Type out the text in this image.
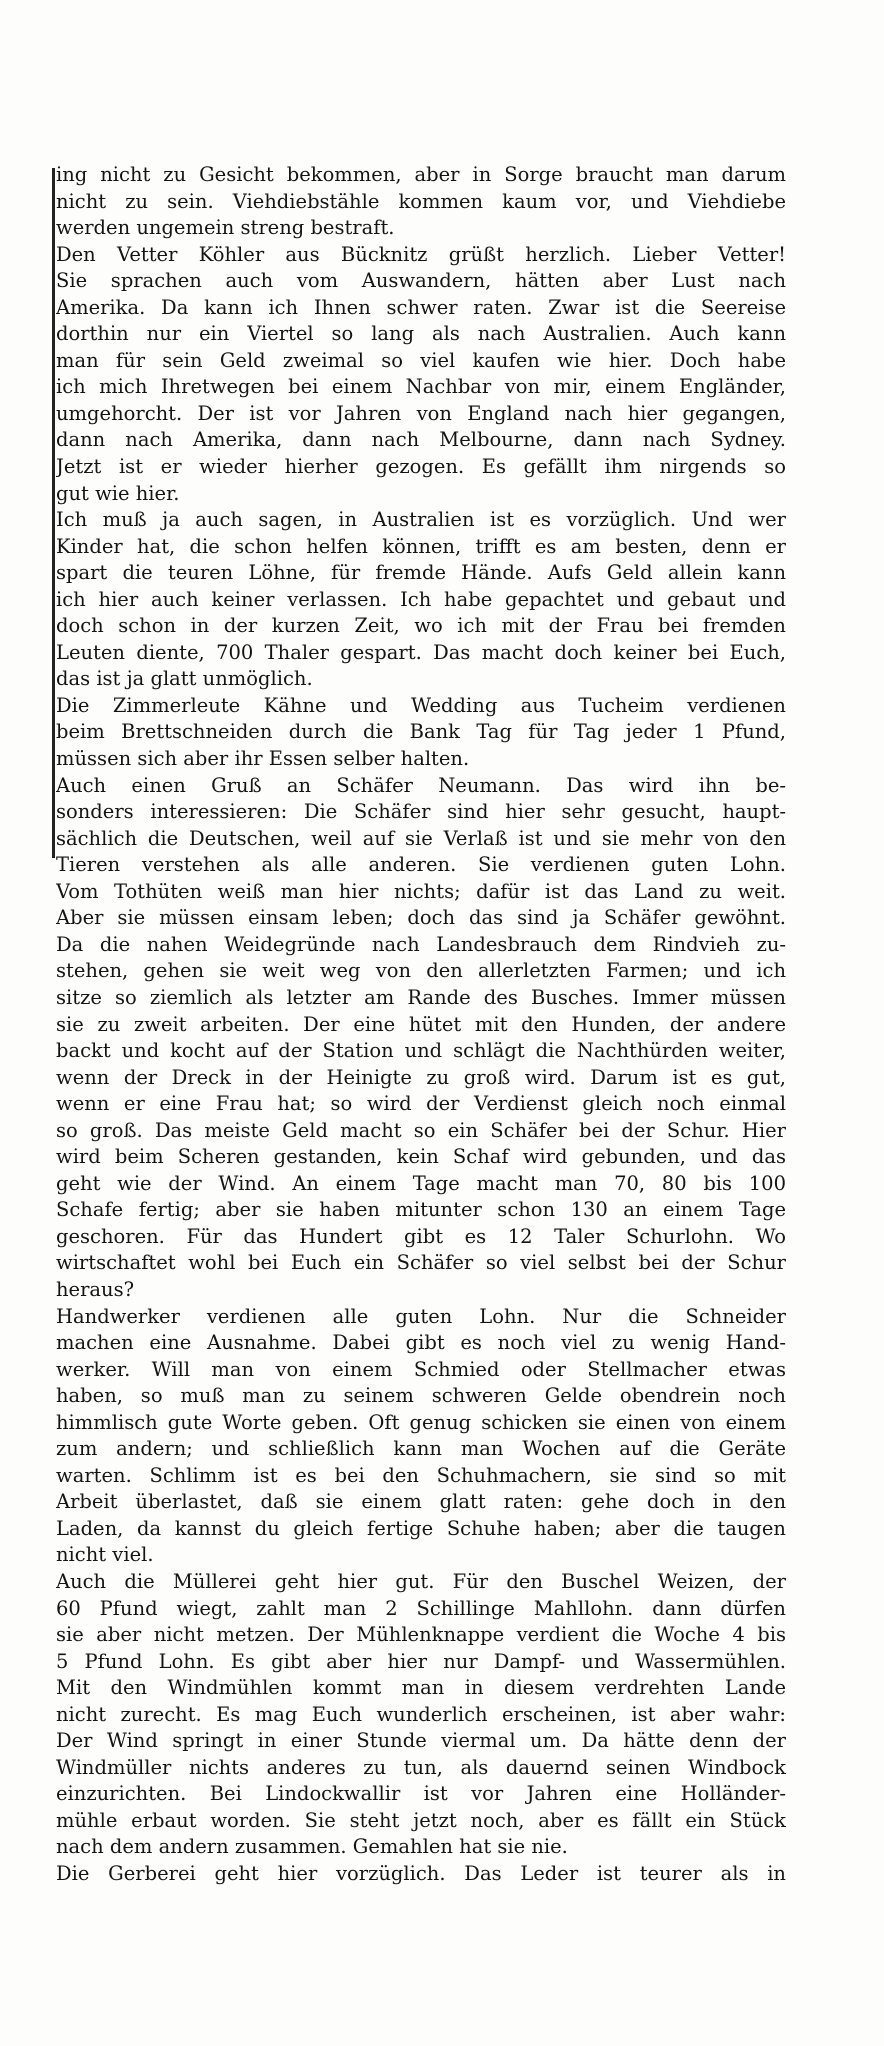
ing nicht zu Gesicht bekommen, aber in Sorge braucht man darum
nicht zu sein. Viehdiebstähle kommen kaum vor, und Viehdiebe
werden ungemein streng bestraft.
Den Vetter Köhler aus Bücknitz grüßt herzlich. Lieber Vetter!
Sie sprachen auch vom Auswandern, hätten aber Lust nach
Amerika. Da kann ich Ihnen schwer raten. Zwar ist die Seereise
dorthin nur ein Viertel so lang als nach Australien. Auch kann
man für sein Geld zweimal so viel kaufen wie hier. Doch habe
ich mich Ihretwegen bei einem Nachbar von mir, einem Engländer,
umgehorcht. Der ist vor Jahren von England nach hier gegangen,
dann nach Amerika, dann nach Melbourne, dann nach Sydney.
Jetzt ist er wieder hierher gezogen. Es gefällt ihm nirgends so
gut wie hier.
Ich muß ja auch sagen, in Australien ist es vorzüglich. Und wer
Kinder hat, die schon helfen können, trifft es am besten, denn er
spart die teuren Löhne, für fremde Hände. Aufs Geld allein kann
ich hier auch keiner verlassen. Ich habe gepachtet und gebaut und
doch schon in der kurzen Zeit, wo ich mit der Frau bei fremden
Leuten diente, 700 Thaler gespart. Das macht doch keiner bei Euch,
das ist ja glatt unmöglich.
Die Zimmerleute Kähne und Wedding aus Tucheim verdienen
beim Brettschneiden durch die Bank Tag für Tag jeder 1 Pfund,
müssen sich aber ihr Essen selber halten.
Auch einen Gruß an Schäfer Neumann. Das wird ihn be-
sonders interessieren: Die Schäfer sind hier sehr gesucht, haupt-
sächlich die Deutschen, weil auf sie Verlaß ist und sie mehr von den
Tieren verstehen als alle anderen. Sie verdienen guten Lohn.
Vom Tothüten weiß man hier nichts; dafür ist das Land zu weit.
Aber sie müssen einsam leben; doch das sind ja Schäfer gewöhnt.
Da die nahen Weidegründe nach Landesbrauch dem Rindvieh zu-
stehen, gehen sie weit weg von den allerletzten Farmen; und ich
sitze so ziemlich als letzter am Rande des Busches. Immer müssen
sie zu zweit arbeiten. Der eine hütet mit den Hunden, der andere
backt und kocht auf der Station und schlägt die Nachthürden weiter,
wenn der Dreck in der Heinigte zu groß wird. Darum ist es gut,
wenn er eine Frau hat; so wird der Verdienst gleich noch einmal
so groß. Das meiste Geld macht so ein Schäfer bei der Schur. Hier
wird beim Scheren gestanden, kein Schaf wird gebunden, und das
geht wie der Wind. An einem Tage macht man 70, 80 bis 100
Schafe fertig; aber sie haben mitunter schon 130 an einem Tage
geschoren. Für das Hundert gibt es 12 Taler Schurlohn. Wo
wirtschaftet wohl bei Euch ein Schäfer so viel selbst bei der Schur
heraus?
Handwerker verdienen alle guten Lohn. Nur die Schneider
machen eine Ausnahme. Dabei gibt es noch viel zu wenig Hand-
werker. Will man von einem Schmied oder Stellmacher etwas
haben, so muß man zu seinem schweren Gelde obendrein noch
himmlisch gute Worte geben. Oft genug schicken sie einen von einem
zum andern; und schließlich kann man Wochen auf die Geräte
warten. Schlimm ist es bei den Schuhmachern, sie sind so mit
Arbeit überlastet, daß sie einem glatt raten: gehe doch in den
Laden, da kannst du gleich fertige Schuhe haben; aber die taugen
nicht viel.
Auch die Müllerei geht hier gut. Für den Buschel Weizen, der
60 Pfund wiegt, zahlt man 2 Schillinge Mahllohn. dann dürfen
sie aber nicht metzen. Der Mühlenknappe verdient die Woche 4 bis
5 Pfund Lohn. Es gibt aber hier nur Dampf- und Wassermühlen.
Mit den Windmühlen kommt man in diesem verdrehten Lande
nicht zurecht. Es mag Euch wunderlich erscheinen, ist aber wahr:
Der Wind springt in einer Stunde viermal um. Da hätte denn der
Windmüller nichts anderes zu tun, als dauernd seinen Windbock
einzurichten. Bei Lindockwallir ist vor Jahren eine Holländer-
mühle erbaut worden. Sie steht jetzt noch, aber es fällt ein Stück
nach dem andern zusammen. Gemahlen hat sie nie.
Die Gerberei geht hier vorzüglich. Das Leder ist teurer als in
